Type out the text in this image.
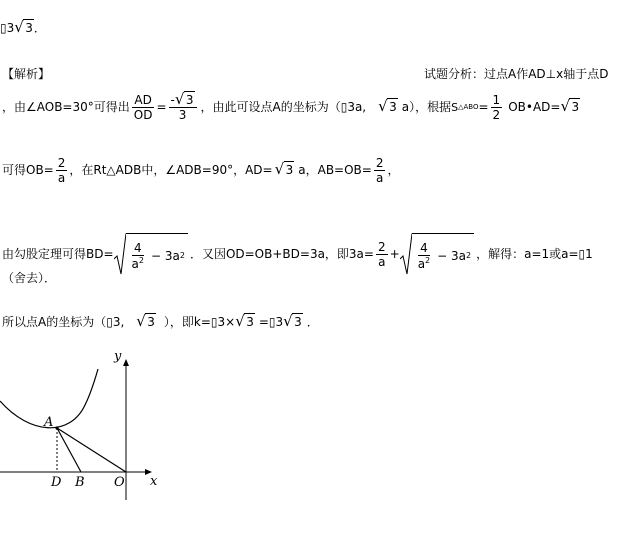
▯3 √ 3．
【解析】	试题分析：过点A作AD⊥x轴于点D
，由∠AOB=30°可得出 $\frac{AD}{OD} = \frac{- √ 3}{3}$ ，由此可设点A的坐标为（▯3a, √ 3 a），根据 S △ABO = $\frac{1}{2}$ OB•AD= √ 3
可得$OB= \frac{2}{a}$ ，在Rt△ADB中，∠ADB=90°，AD= √ 3 a，$AB=OB= \frac{2}{a}$ ，
由勾股定理可得$BD= \frac{4}{a^2} - 3a$ 2 ．又因OD=OB+BD=3a，即$3a= \frac{2}{a} + \frac{4}{a^2} - 3a$ 2 ，解得：a=1或a=▯1
（舍去）．
所以点A的坐标为（▯3, √ 3 ），即k=▯3× √ 3 =▯3 √ 3 ．
y
x
A
D B O
